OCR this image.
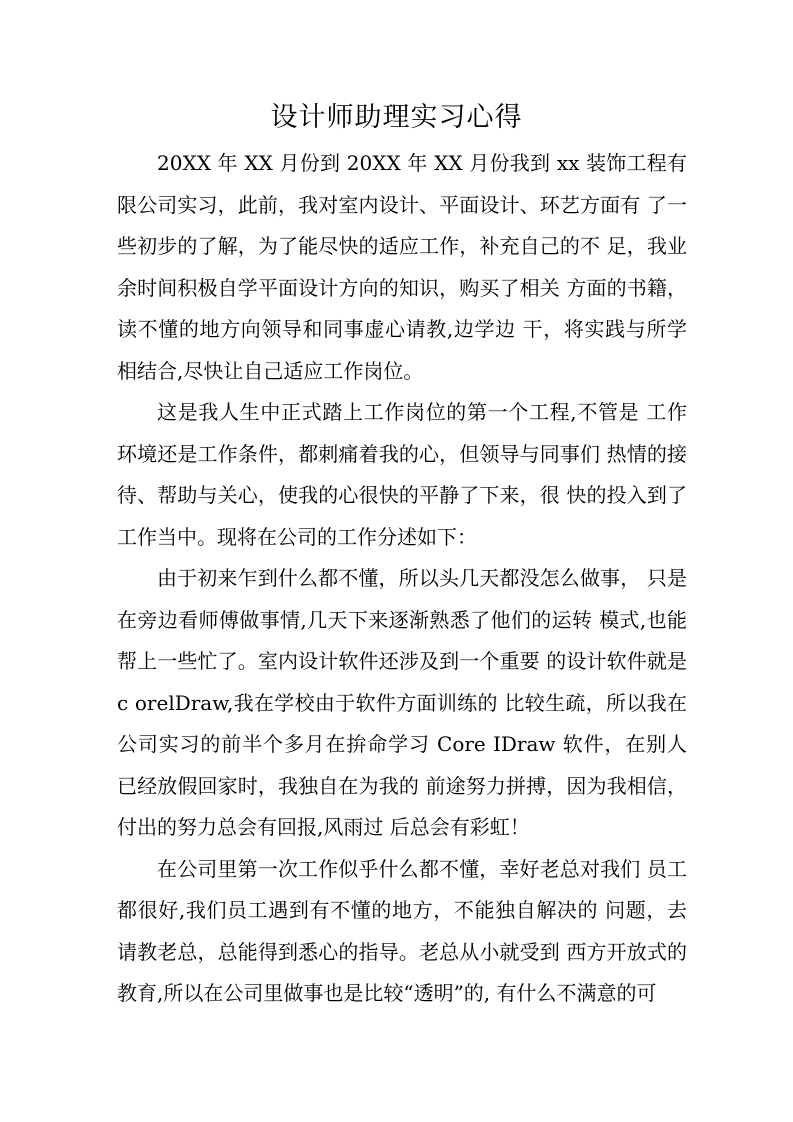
设计师助理实习心得

20XX 年 XX 月份到 20XX 年 XX 月份我到 xx 装饰工程有 限公司实习，此前，我对室内设计、平面设计、环艺方面有 了一些初步的了解，为了能尽快的适应工作，补充自己的不 足，我业余时间积极自学平面设计方向的知识，购买了相关 方面的书籍，读不懂的地方向领导和同事虚心请教,边学边 干，将实践与所学相结合,尽快让自己适应工作岗位。

这是我人生中正式踏上工作岗位的第一个工程,不管是 工作环境还是工作条件，都刺痛着我的心，但领导与同事们 热情的接待、帮助与关心，使我的心很快的平静了下来，很 快的投入到了工作当中。现将在公司的工作分述如下：

由于初来乍到什么都不懂，所以头几天都没怎么做事， 只是在旁边看师傅做事情,几天下来逐渐熟悉了他们的运转 模式,也能帮上一些忙了。室内设计软件还涉及到一个重要 的设计软件就是 c orelDraw,我在学校由于软件方面训练的 比较生疏，所以我在公司实习的前半个多月在拚命学习 Core IDraw 软件，在别人已经放假回家时，我独自在为我的 前途努力拼搏，因为我相信，付出的努力总会有回报,风雨过 后总会有彩虹！

在公司里第一次工作似乎什么都不懂，幸好老总对我们 员工都很好,我们员工遇到有不懂的地方，不能独自解决的 问题，去请教老总，总能得到悉心的指导。老总从小就受到 西方开放式的教育,所以在公司里做事也是比较“透明”的, 有什么不满意的可
